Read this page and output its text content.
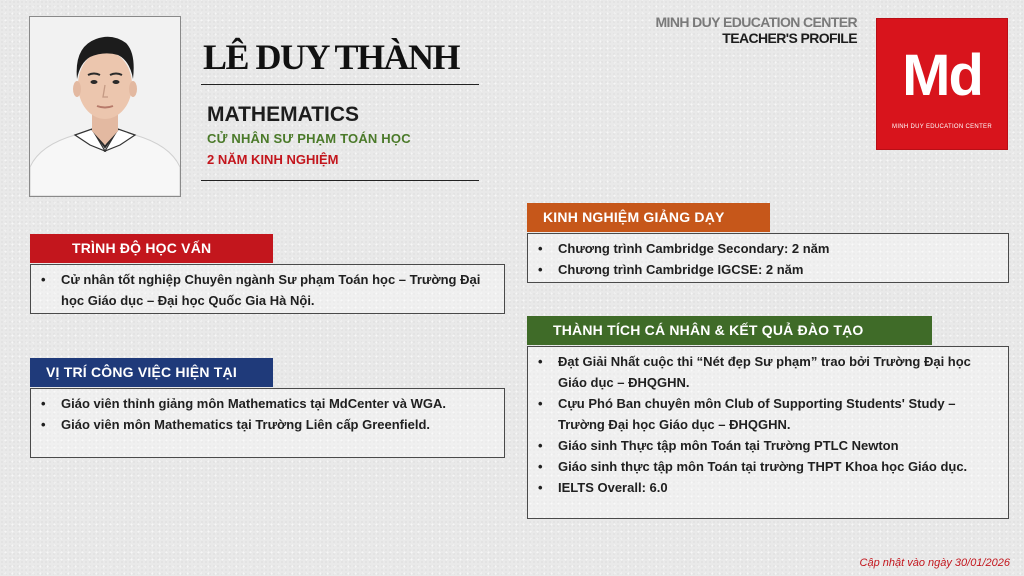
LÊ DUY THÀNH
MATHEMATICS
CỬ NHÂN SƯ PHẠM TOÁN HỌC
2 NĂM KINH NGHIỆM
MINH DUY EDUCATION CENTER
TEACHER'S PROFILE
Md
MINH DUY EDUCATION CENTER
TRÌNH ĐỘ HỌC VẤN
• Cử nhân tốt nghiệp Chuyên ngành Sư phạm Toán học – Trường Đại học Giáo dục – Đại học Quốc Gia Hà Nội.
VỊ TRÍ CÔNG VIỆC HIỆN TẠI
• Giáo viên thỉnh giảng môn Mathematics tại MdCenter và WGA.
• Giáo viên môn Mathematics tại Trường Liên cấp Greenfield.
KINH NGHIỆM GIẢNG DẠY
• Chương trình Cambridge Secondary: 2 năm
• Chương trình Cambridge IGCSE: 2 năm
THÀNH TÍCH CÁ NHÂN & KẾT QUẢ ĐÀO TẠO
• Đạt Giải Nhất cuộc thi “Nét đẹp Sư phạm” trao bởi Trường Đại học Giáo dục – ĐHQGHN.
• Cựu Phó Ban chuyên môn Club of Supporting Students' Study – Trường Đại học Giáo dục – ĐHQGHN.
• Giáo sinh Thực tập môn Toán tại Trường PTLC Newton
• Giáo sinh thực tập môn Toán tại trường THPT Khoa học Giáo dục.
• IELTS Overall: 6.0
Cập nhật vào ngày 30/01/2026
